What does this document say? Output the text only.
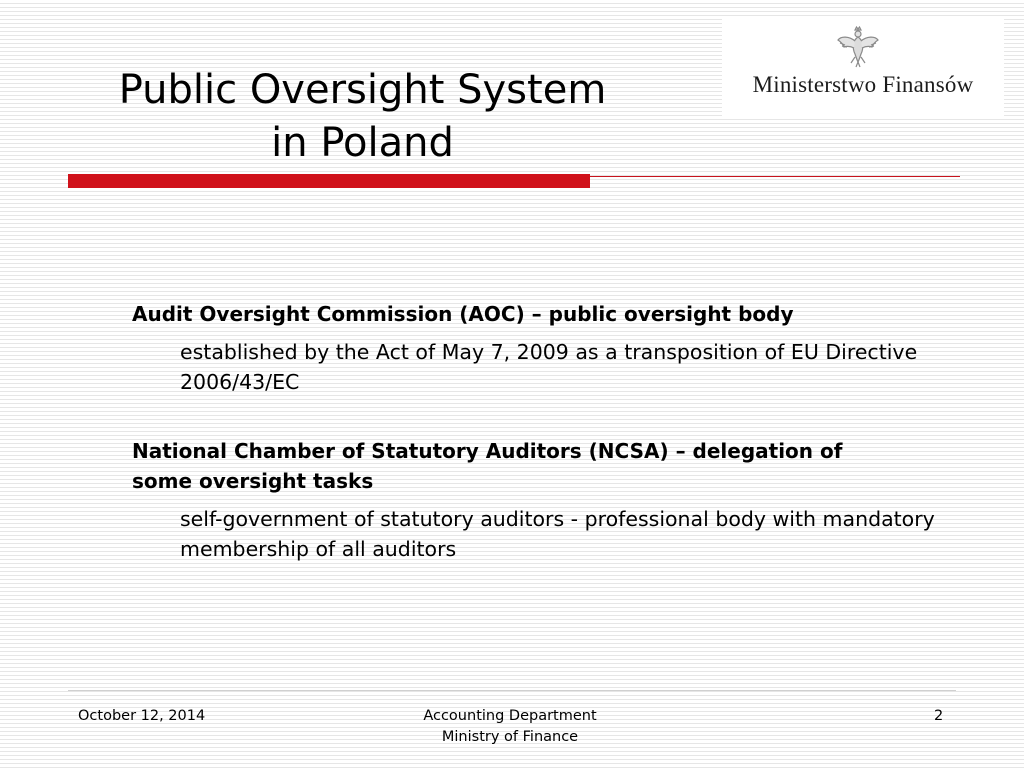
Public Oversight System
in Poland
Ministerstwo Finansów

Audit Oversight Commission (AOC) – public oversight body

established by the Act of May 7, 2009 as a transposition of EU Directive 2006/43/EC

National Chamber of Statutory Auditors (NCSA) – delegation of some oversight tasks

self-government of statutory auditors - professional body with mandatory membership of all auditors

October 12, 2014	Accounting Department
Ministry of Finance
2
